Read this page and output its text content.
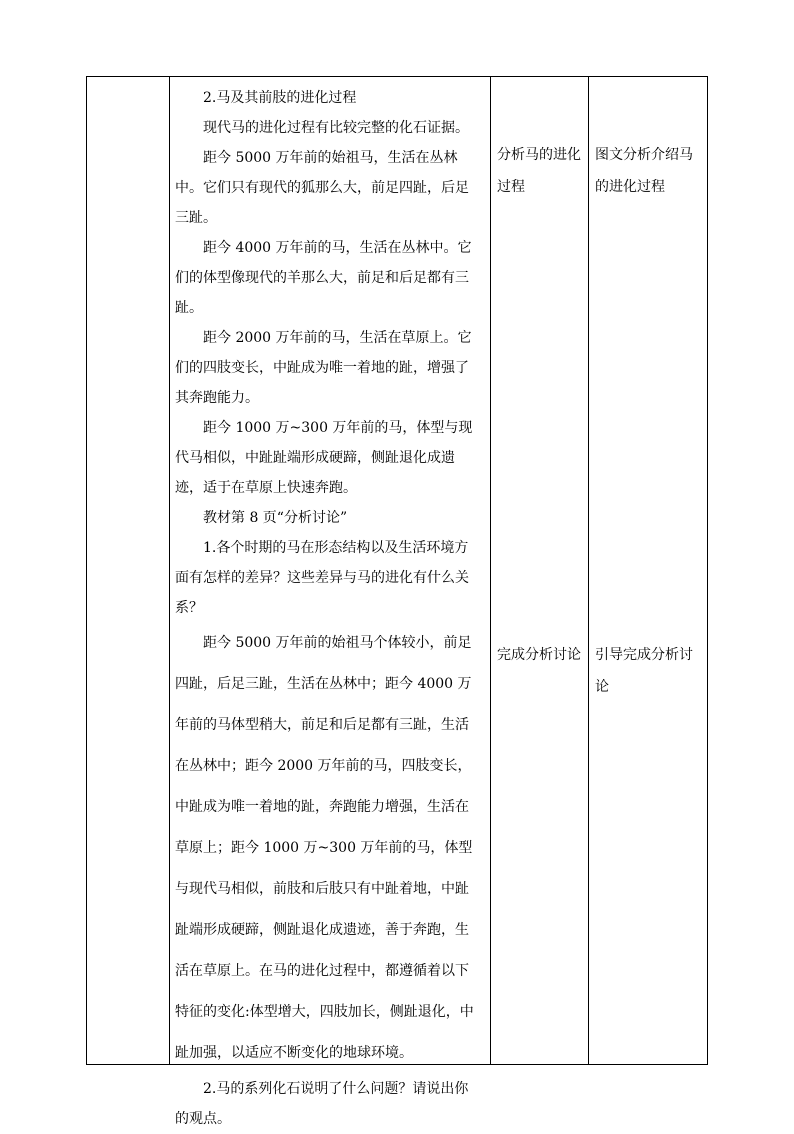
2.马及其前肢的进化过程

现代马的进化过程有比较完整的化石证据。

距今 5000 万年前的始祖马，生活在丛林中。它们只有现代的狐那么大，前足四趾，后足三趾。

距今 4000 万年前的马，生活在丛林中。它们的体型像现代的羊那么大，前足和后足都有三趾。

距今 2000 万年前的马，生活在草原上。它们的四肢变长，中趾成为唯一着地的趾，增强了其奔跑能力。

距今 1000 万~300 万年前的马，体型与现代马相似，中趾趾端形成硬蹄，侧趾退化成遗迹，适于在草原上快速奔跑。

教材第 8 页“分析讨论”

1.各个时期的马在形态结构以及生活环境方面有怎样的差异？这些差异与马的进化有什么关系？

距今 5000 万年前的始祖马个体较小，前足四趾，后足三趾，生活在丛林中；距今 4000 万年前的马体型稍大，前足和后足都有三趾，生活在丛林中；距今 2000 万年前的马，四肢变长，中趾成为唯一着地的趾，奔跑能力增强，生活在草原上；距今 1000 万~300 万年前的马，体型与现代马相似，前肢和后肢只有中趾着地，中趾趾端形成硬蹄，侧趾退化成遗迹，善于奔跑，生活在草原上。在马的进化过程中，都遵循着以下特征的变化:体型增大，四肢加长，侧趾退化，中趾加强，以适应不断变化的地球环境。

2.马的系列化石说明了什么问题？请说出你的观点。

分析马的进化过程
图文分析介绍马的进化过程
完成分析讨论	引导完成分析讨论
